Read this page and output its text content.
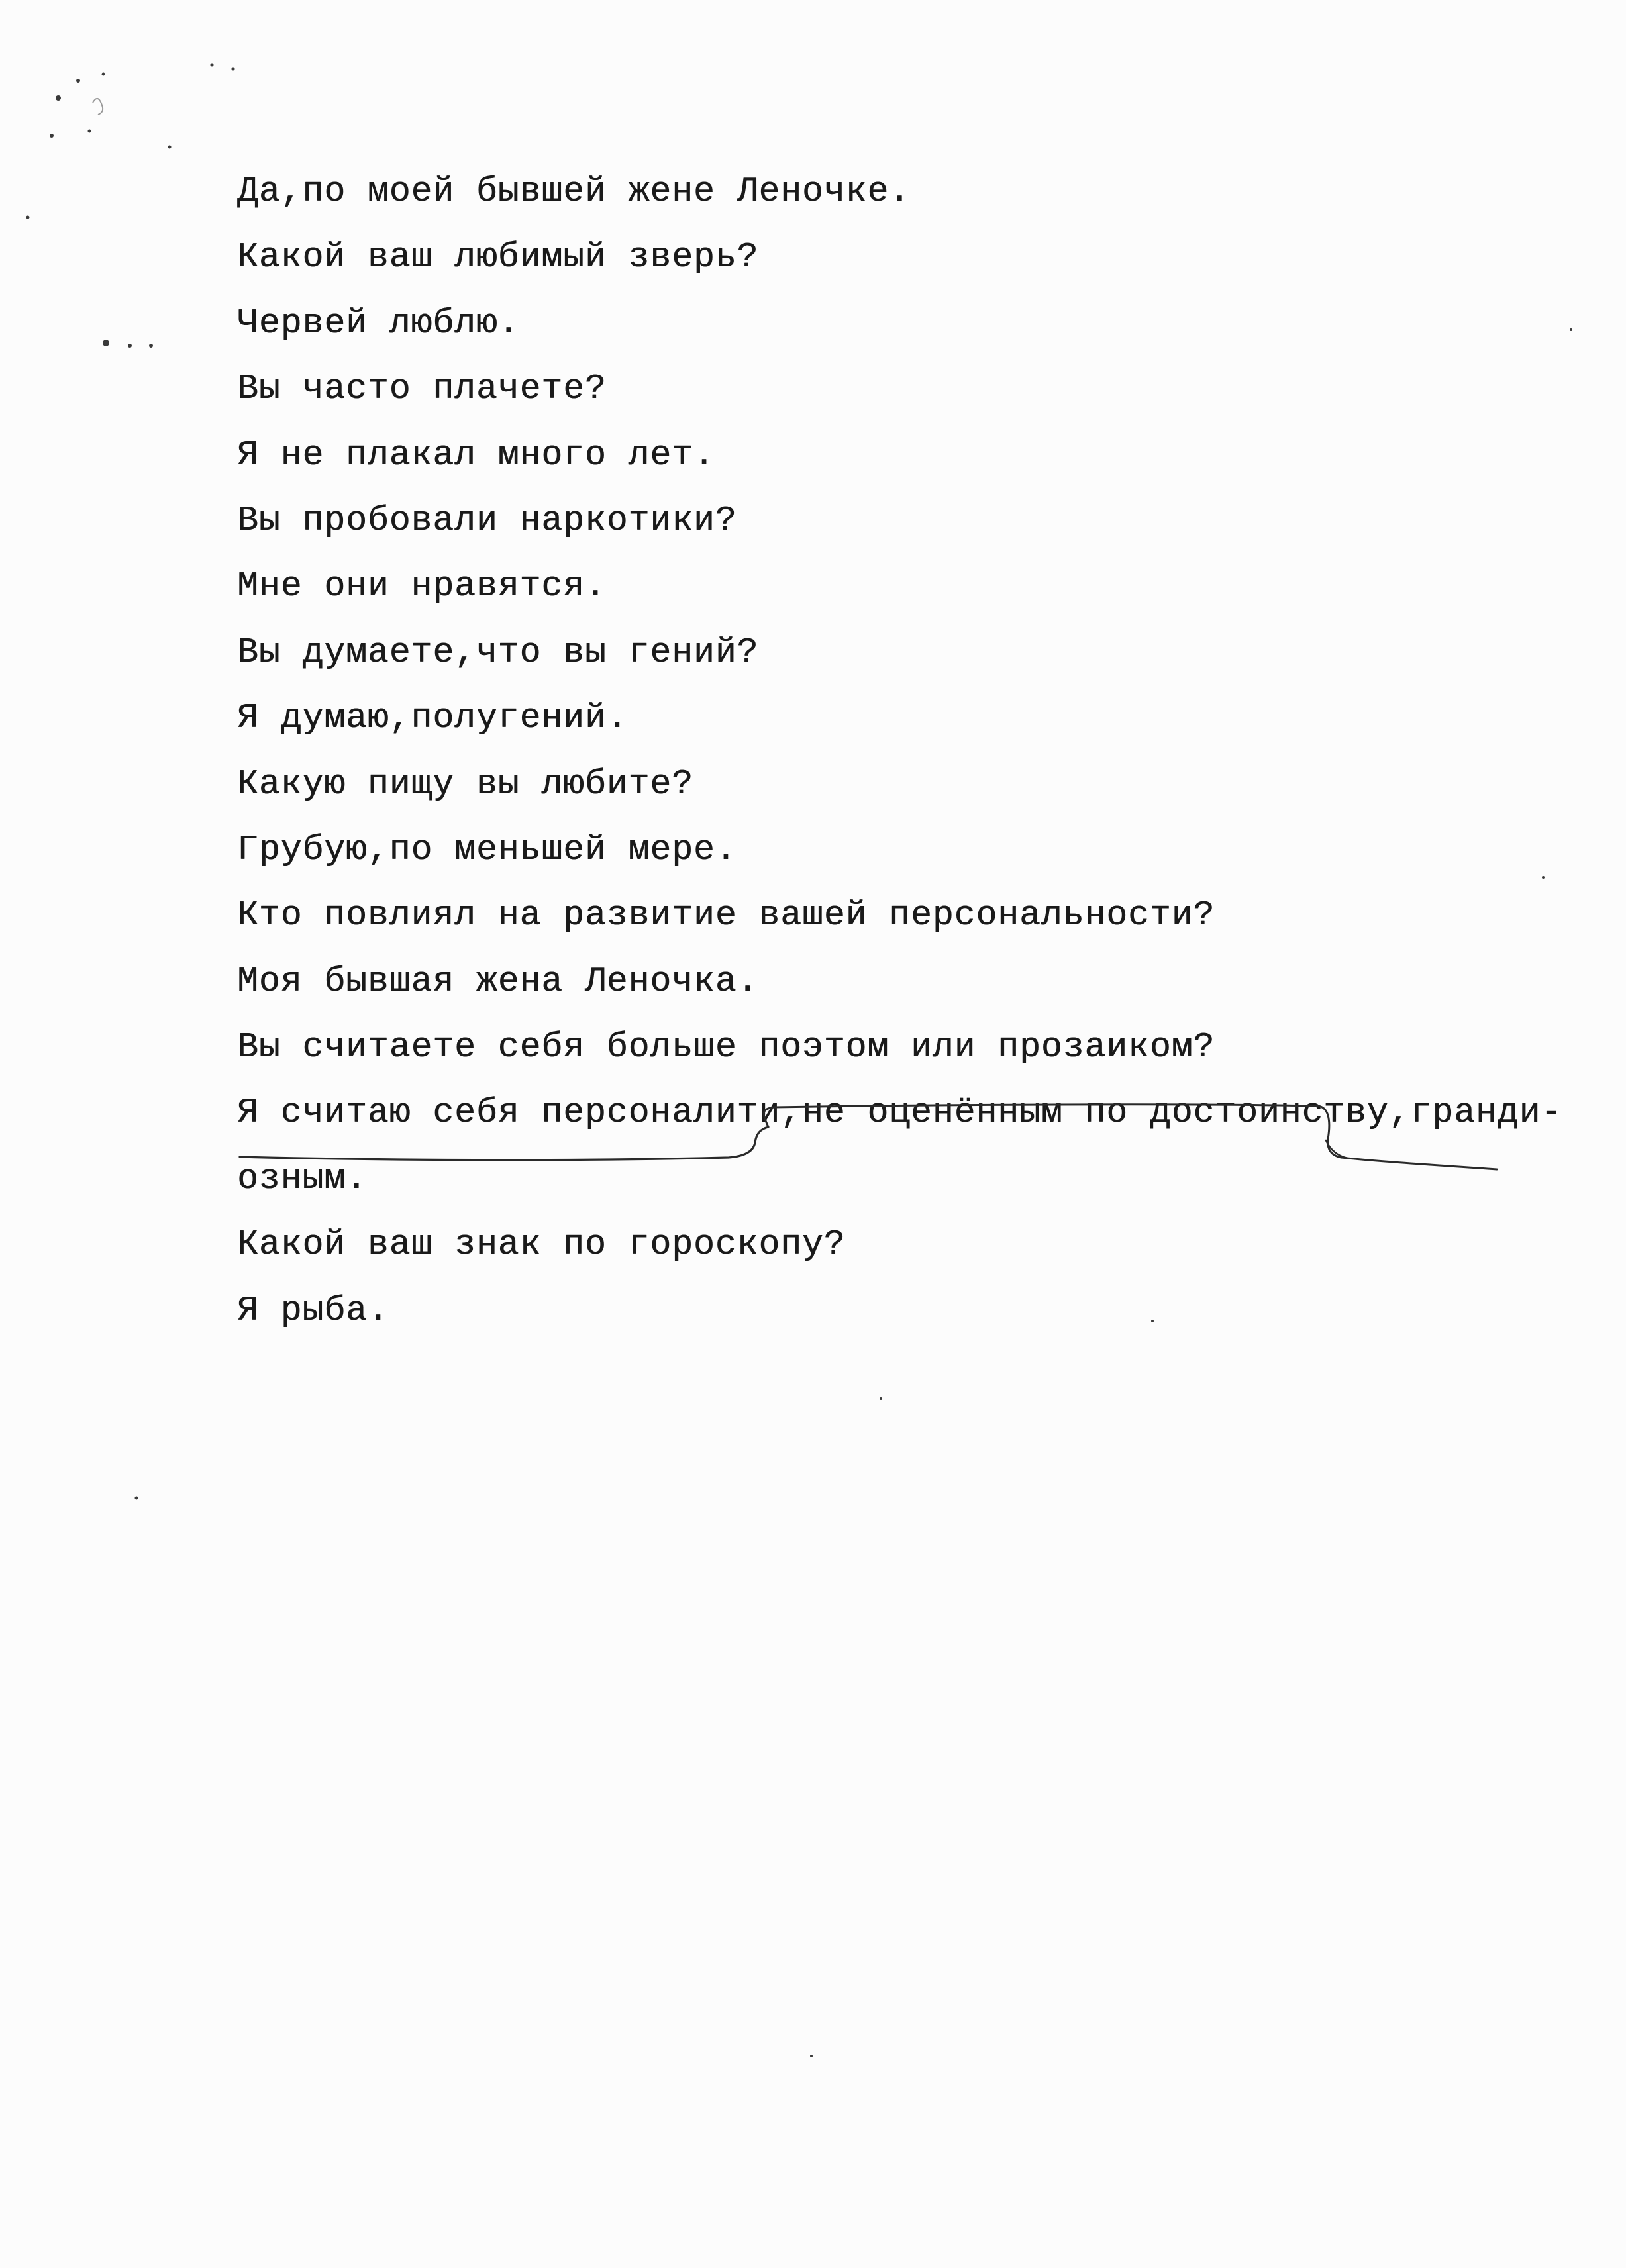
Да,по моей бывшей жене Леночке.
Какой ваш любимый зверь?
Червей люблю.
Вы часто плачете?
Я не плакал много лет.
Вы пробовали наркотики?
Мне они нравятся.
Вы думаете,что вы гений?
Я думаю,полугений.
Какую пищу вы любите?
Грубую,по меньшей мере.
Кто повлиял на развитие вашей персональности?
Моя бывшая жена Леночка.
Вы считаете себя больше поэтом или прозаиком?
Я считаю себя персоналити,не оценённым по достоинству,гранди-
озным.
Какой ваш знак по гороскопу?
Я рыба.
